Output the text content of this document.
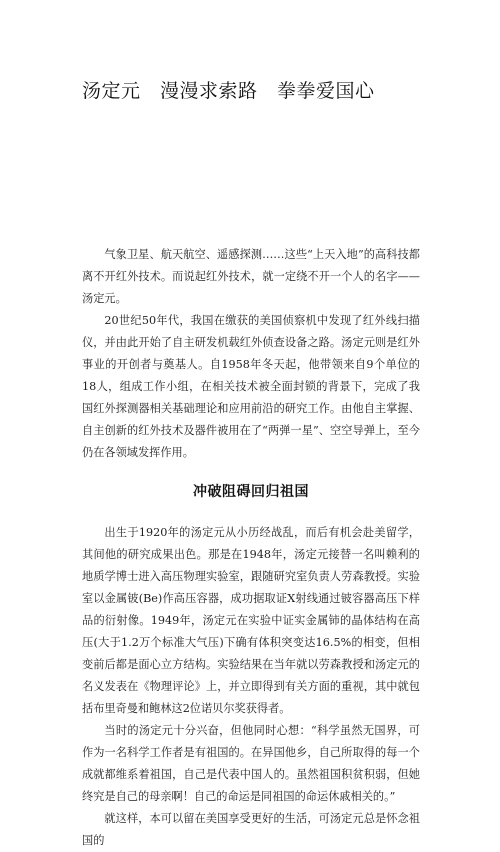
汤定元　漫漫求索路　拳拳爱国心

气象卫星、航天航空、遥感探测……这些“上天入地”的高科技都离不开红外技术。而说起红外技术，就一定绕不开一个人的名字——汤定元。

20世纪50年代，我国在缴获的美国侦察机中发现了红外线扫描仪，并由此开始了自主研发机载红外侦查设备之路。汤定元则是红外事业的开创者与奠基人。自1958年冬天起，他带领来自9个单位的18人，组成工作小组，在相关技术被全面封锁的背景下，完成了我国红外探测器相关基础理论和应用前沿的研究工作。由他自主掌握、自主创新的红外技术及器件被用在了“两弹一星”、空空导弹上，至今仍在各领域发挥作用。

冲破阻碍回归祖国

出生于1920年的汤定元从小历经战乱，而后有机会赴美留学，其间他的研究成果出色。那是在1948年，汤定元接替一名叫赖利的地质学博士进入高压物理实验室，跟随研究室负责人劳森教授。实验室以金属铍(Be)作高压容器，成功据取证X射线通过铍容器高压下样品的衍射像。1949年，汤定元在实验中证实金属铈的晶体结构在高压(大于1.2万个标准大气压)下确有体积突变达16.5%的相变，但相变前后都是面心立方结构。实验结果在当年就以劳森教授和汤定元的名义发表在《物理评论》上，并立即得到有关方面的重视，其中就包括布里奇曼和鲍林这2位诺贝尔奖获得者。

当时的汤定元十分兴奋，但他同时心想：“科学虽然无国界，可作为一名科学工作者是有祖国的。在异国他乡，自己所取得的每一个成就都维系着祖国，自己是代表中国人的。虽然祖国积贫积弱，但她终究是自己的母亲啊！自己的命运是同祖国的命运休戚相关的。”

就这样，本可以留在美国享受更好的生活，可汤定元总是怀念祖国的
